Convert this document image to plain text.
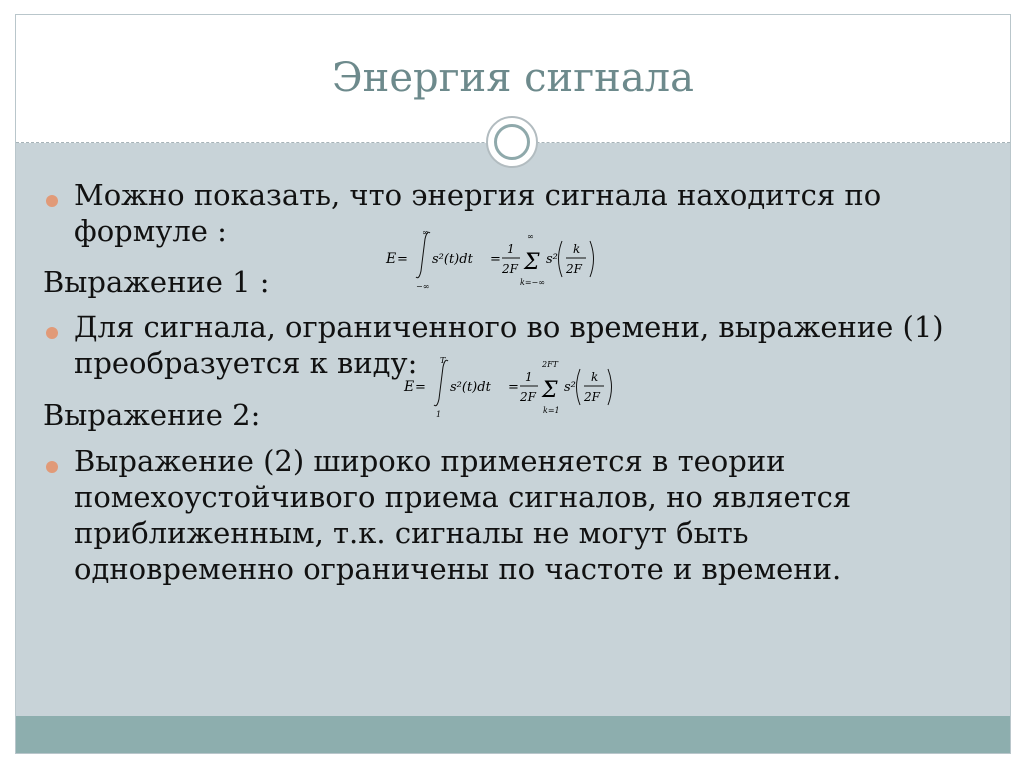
Энергия сигнала
Можно показать, что энергия сигнала находится по формуле :
E =
∞
−∞
s²(t)dt =
1
2F
∞
Σ
k=−∞
s²
k
2F
Выражение 1 :
Для сигнала, ограниченного во времени, выражение (1) преобразуется к виду:
E =
T
1
s²(t)dt =
1
2F
2FT
Σ
k=1
s²
k
2F
Выражение 2:
Выражение (2) широко применяется в теории помехоустойчивого приема сигналов, но является приближенным, т.к. сигналы не могут быть одновременно ограничены по частоте и времени.
